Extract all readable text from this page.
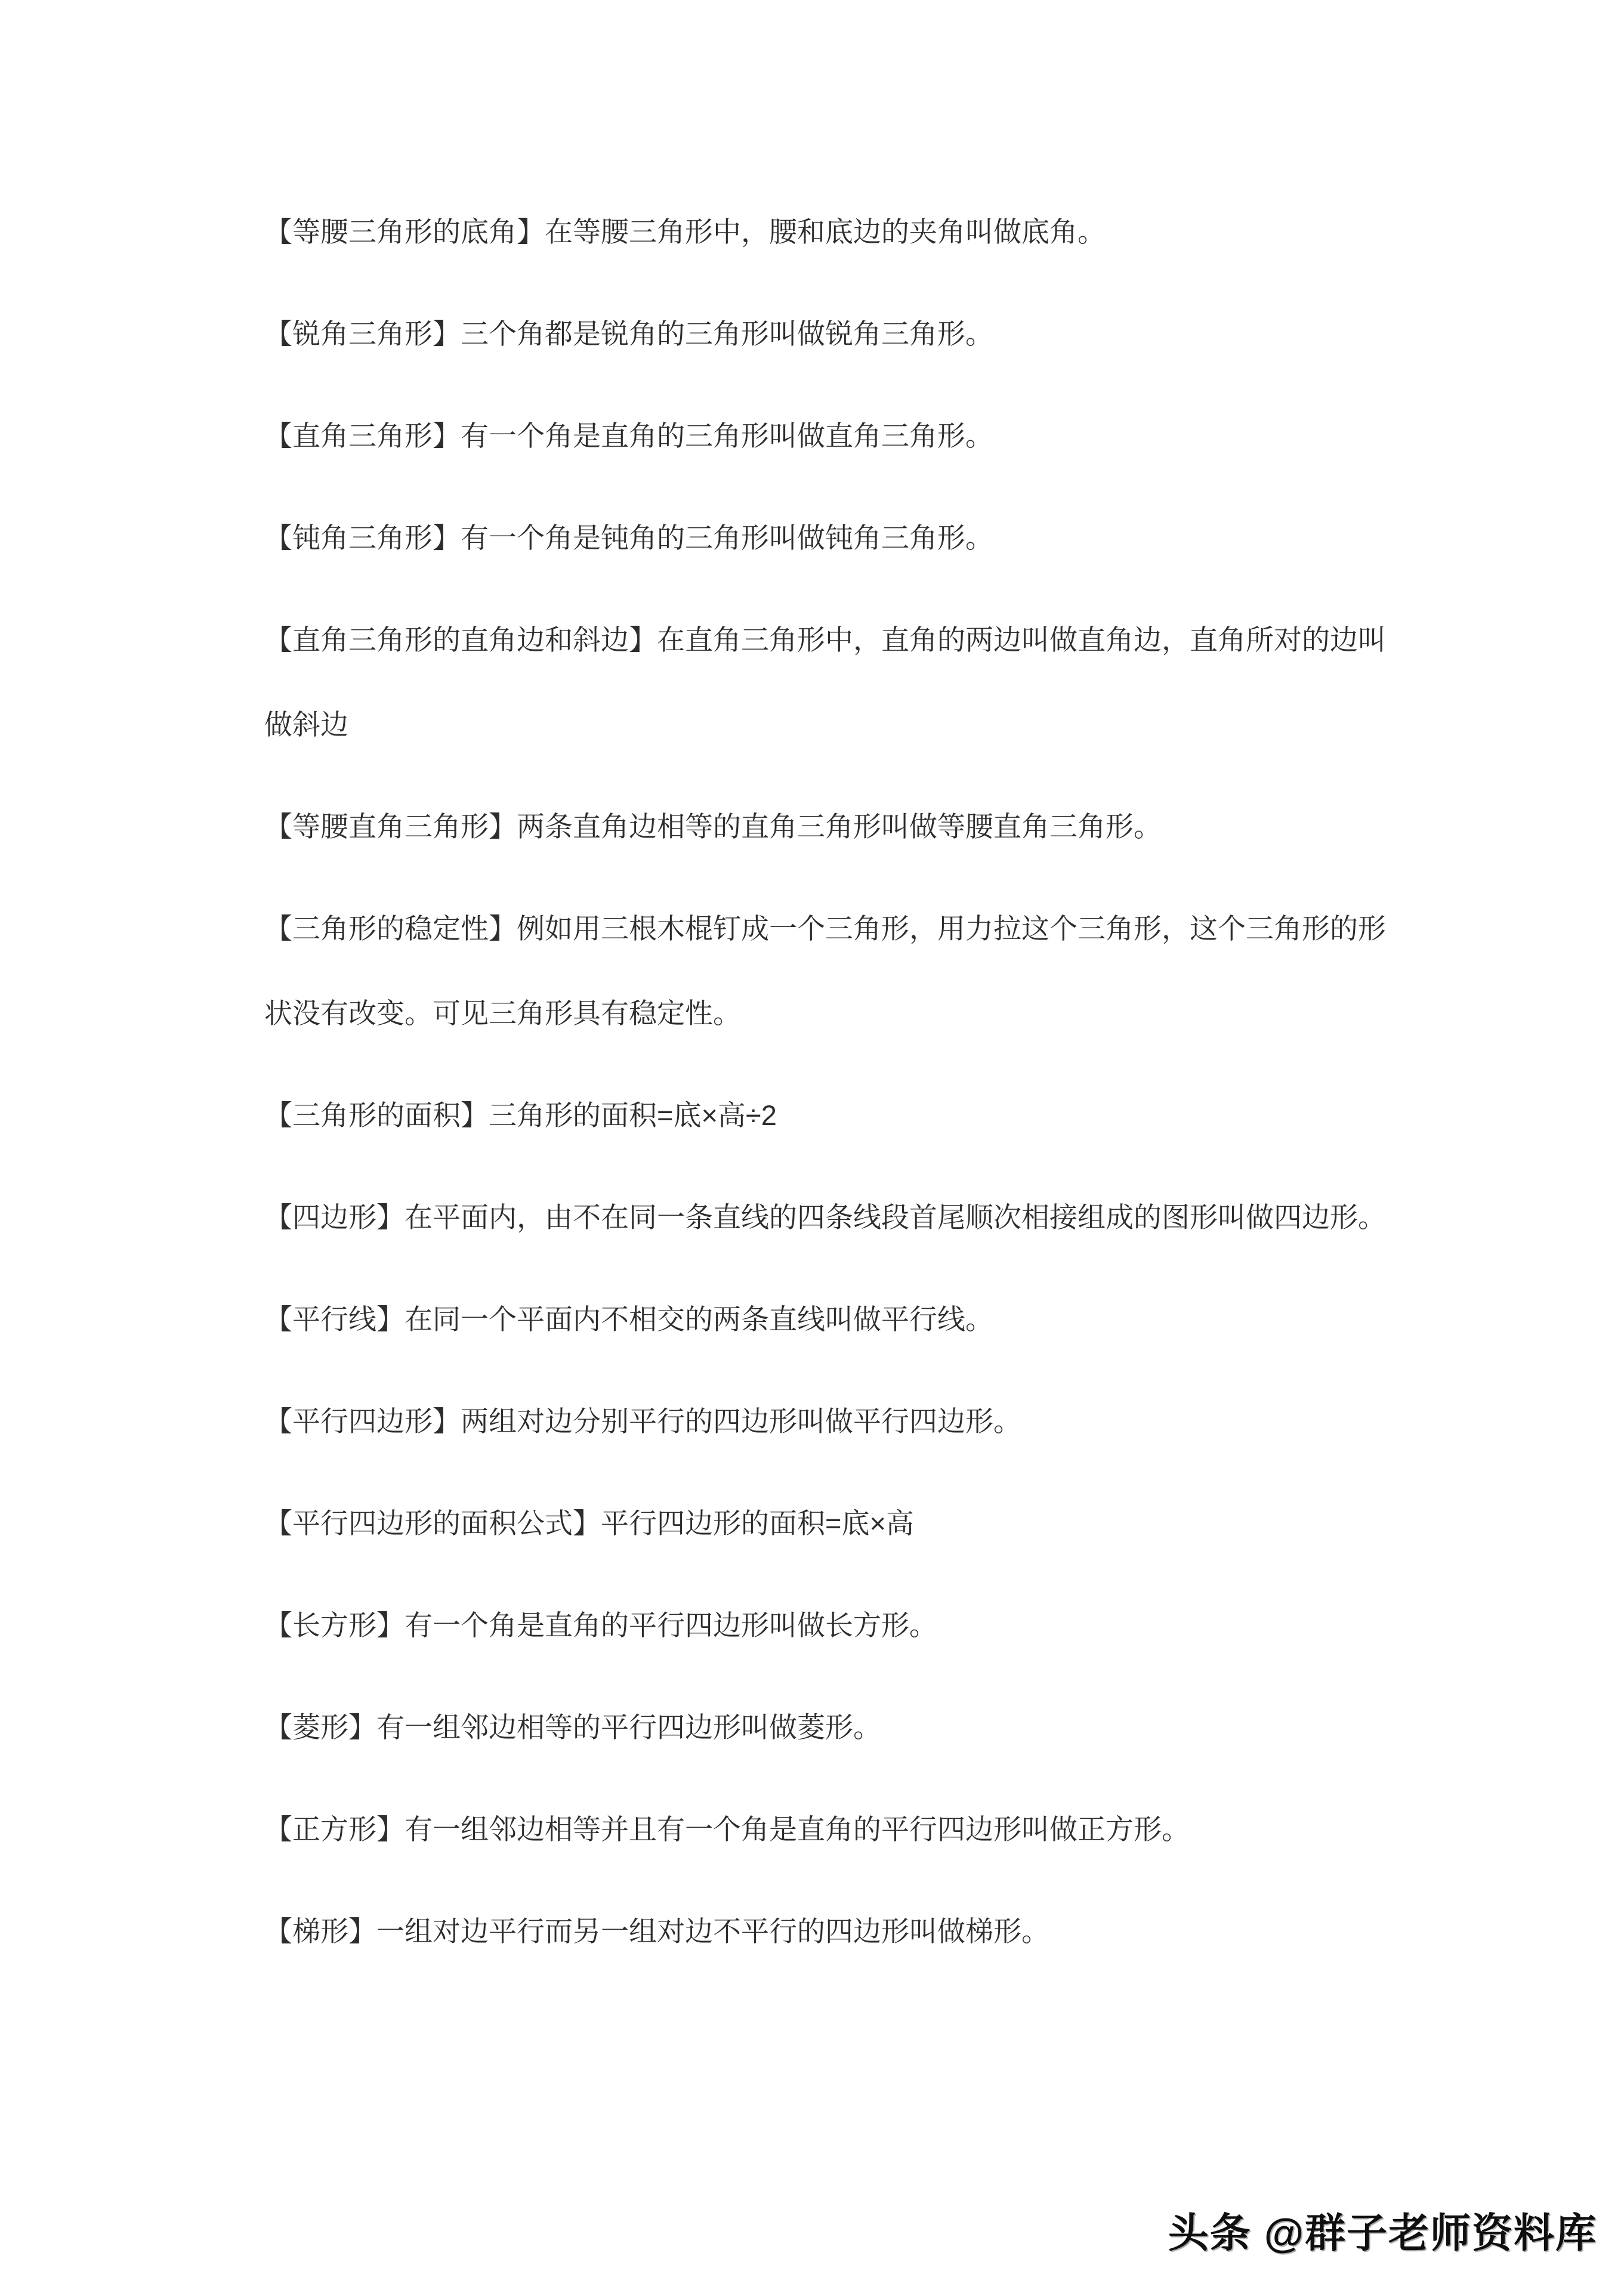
【等腰三角形的底角】在等腰三角形中，腰和底边的夹角叫做底角。

【锐角三角形】三个角都是锐角的三角形叫做锐角三角形。

【直角三角形】有一个角是直角的三角形叫做直角三角形。

【钝角三角形】有一个角是钝角的三角形叫做钝角三角形。

【直角三角形的直角边和斜边】在直角三角形中，直角的两边叫做直角边，直角所对的边叫做斜边

【等腰直角三角形】两条直角边相等的直角三角形叫做等腰直角三角形。

【三角形的稳定性】例如用三根木棍钉成一个三角形，用力拉这个三角形，这个三角形的形状没有改变。可见三角形具有稳定性。

【三角形的面积】三角形的面积=底×高÷2

【四边形】在平面内，由不在同一条直线的四条线段首尾顺次相接组成的图形叫做四边形。

【平行线】在同一个平面内不相交的两条直线叫做平行线。

【平行四边形】两组对边分别平行的四边形叫做平行四边形。

【平行四边形的面积公式】平行四边形的面积=底×高

【长方形】有一个角是直角的平行四边形叫做长方形。

【菱形】有一组邻边相等的平行四边形叫做菱形。

【正方形】有一组邻边相等并且有一个角是直角的平行四边形叫做正方形。

【梯形】一组对边平行而另一组对边不平行的四边形叫做梯形。

头条 @群子老师资料库
